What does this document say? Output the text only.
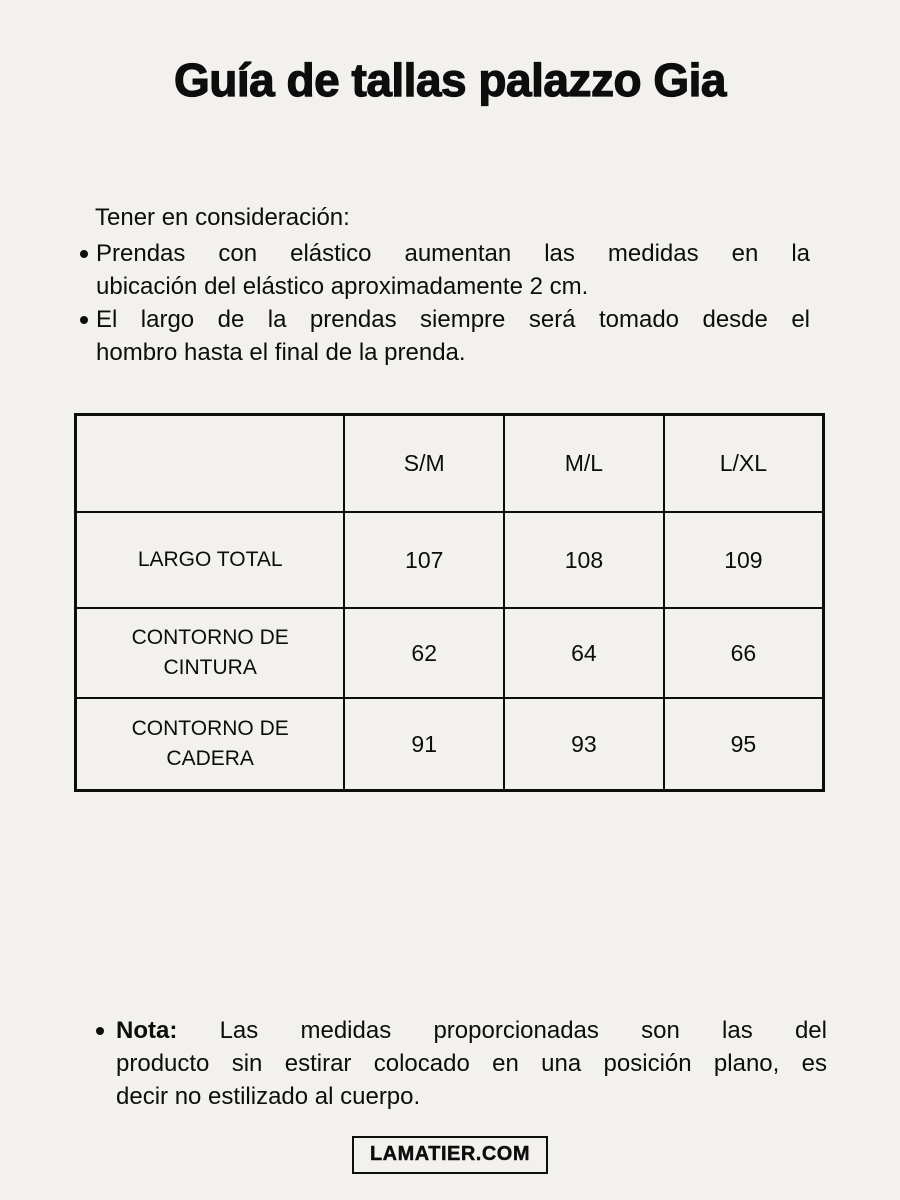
Guía de tallas palazzo Gia

Tener en consideración:

Prendas con elástico aumentan las medidas en la
ubicación del elástico aproximadamente 2 cm.
El largo de la prendas siempre será tomado desde el
hombro hasta el final de la prenda.
	S/M	M/L	L/XL
LARGO TOTAL	107	108	109
CONTORNO DE CINTURA	62	64	66
CONTORNO DE CADERA	91	93	95
Nota: Las medidas proporcionadas son las del
producto sin estirar colocado en una posición plano, es
decir no estilizado al cuerpo.
LAMATIER.COM
